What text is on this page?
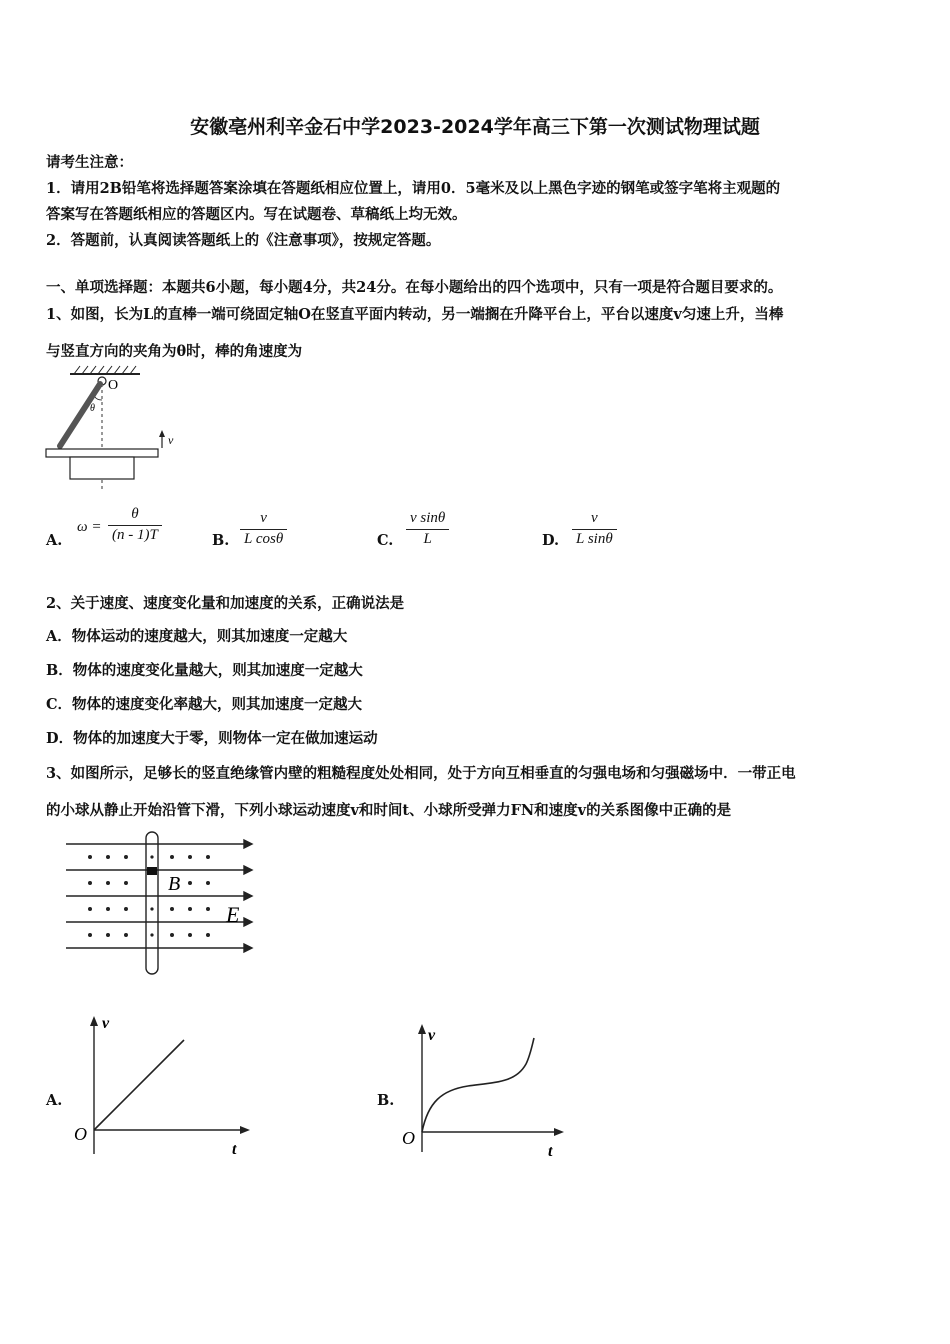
安徽亳州利辛金石中学2023-2024学年高三下第一次测试物理试题
请考生注意：
1．请用2B铅笔将选择题答案涂填在答题纸相应位置上，请用0．5毫米及以上黑色字迹的钢笔或签字笔将主观题的
答案写在答题纸相应的答题区内。写在试题卷、草稿纸上均无效。
2．答题前，认真阅读答题纸上的《注意事项》，按规定答题。
一、单项选择题：本题共6小题，每小题4分，共24分。在每小题给出的四个选项中，只有一项是符合题目要求的。
1、如图，长为L的直棒一端可绕固定轴O在竖直平面内转动，另一端搁在升降平台上，平台以速度v匀速上升，当棒
与竖直方向的夹角为θ时，棒的角速度为
O
θ
v
A.
ω =
θ
(n - 1)T	B.
v
L cosθ	C.
v sinθ
L	D.
v
L sinθ
2、关于速度、速度变化量和加速度的关系，正确说法是
A．物体运动的速度越大，则其加速度一定越大
B．物体的速度变化量越大，则其加速度一定越大
C．物体的速度变化率越大，则其加速度一定越大
D．物体的加速度大于零，则物体一定在做加速运动
3、如图所示，足够长的竖直绝缘管内壁的粗糙程度处处相同，处于方向互相垂直的匀强电场和匀强磁场中．一带正电
的小球从静止开始沿管下滑，下列小球运动速度v和时间t、小球所受弹力FN和速度v的关系图像中正确的是
B
E
A.
v
t
O
B.
v
t
O
